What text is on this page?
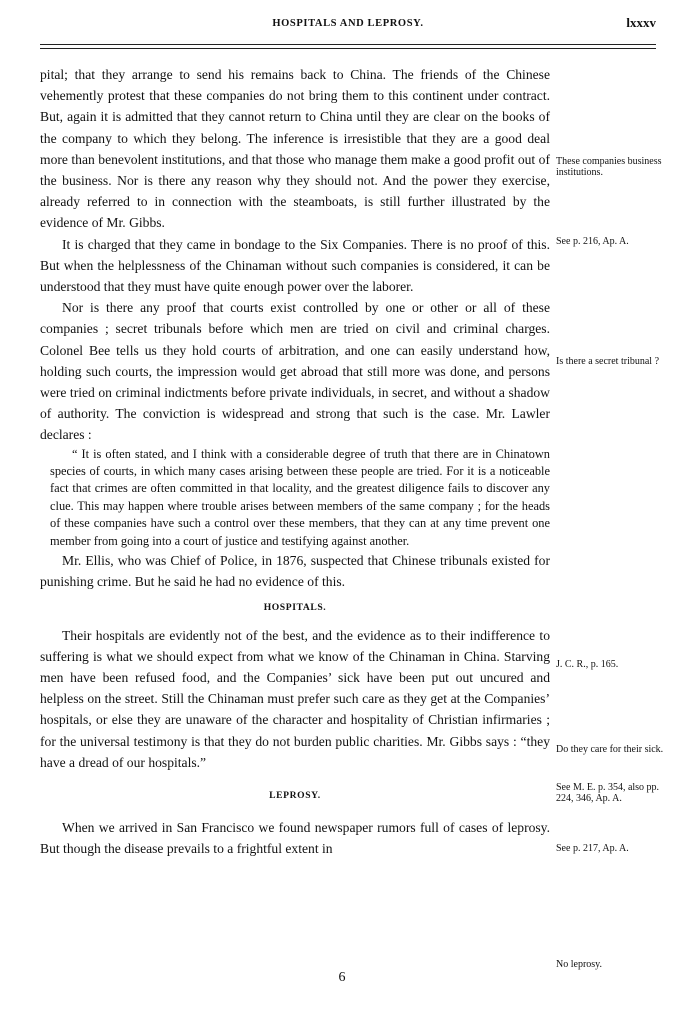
HOSPITALS AND LEPROSY.	lxxxv

pital; that they arrange to send his remains back to China. The friends of the Chinese vehemently protest that these companies do not bring them to this continent under contract. But, again it is admitted that they cannot return to China until they are clear on the books of the company to which they belong. The inference is irresistible that they are a good deal more than benevolent institutions, and that those who manage them make a good profit out of the business. Nor is there any reason why they should not. And the power they exercise, already referred to in connection with the steamboats, is still further illustrated by the evidence of Mr. Gibbs.

It is charged that they came in bondage to the Six Companies. There is no proof of this. But when the helplessness of the Chinaman without such companies is considered, it can be understood that they must have quite enough power over the laborer.

Nor is there any proof that courts exist controlled by one or other or all of these companies ; secret tribunals before which men are tried on civil and criminal charges. Colonel Bee tells us they hold courts of arbitration, and one can easily understand how, holding such courts, the impression would get abroad that still more was done, and persons were tried on criminal indictments before private individuals, in secret, and without a shadow of authority. The conviction is widespread and strong that such is the case. Mr. Lawler declares :

“ It is often stated, and I think with a considerable degree of truth that there are in Chinatown species of courts, in which many cases arising between these people are tried. For it is a noticeable fact that crimes are often committed in that locality, and the greatest diligence fails to discover any clue. This may happen where trouble arises between members of the same company ; for the heads of these companies have such a control over these members, that they can at any time prevent one member from going into a court of justice and testifying against another.

Mr. Ellis, who was Chief of Police, in 1876, suspected that Chinese tribunals existed for punishing crime. But he said he had no evidence of this.

HOSPITALS.

Their hospitals are evidently not of the best, and the evidence as to their indifference to suffering is what we should expect from what we know of the Chinaman in China. Starving men have been refused food, and the Companies’ sick have been put out uncured and helpless on the street. Still the Chinaman must prefer such care as they get at the Companies’ hospitals, or else they are unaware of the character and hospitality of Christian infirmaries ; for the universal testimony is that they do not burden public charities. Mr. Gibbs says : “they have a dread of our hospitals.”

LEPROSY.

When we arrived in San Francisco we found newspaper rumors full of cases of leprosy. But though the disease prevails to a frightful extent in

These companies business institutions.
See p. 216, Ap. A.
Is there a secret tribunal ?
J. C. R., p. 165.
Do they care for their sick.
See M. E. p. 354, also pp. 224, 346, Ap. A.
See p. 217, Ap. A.
No leprosy.
6
